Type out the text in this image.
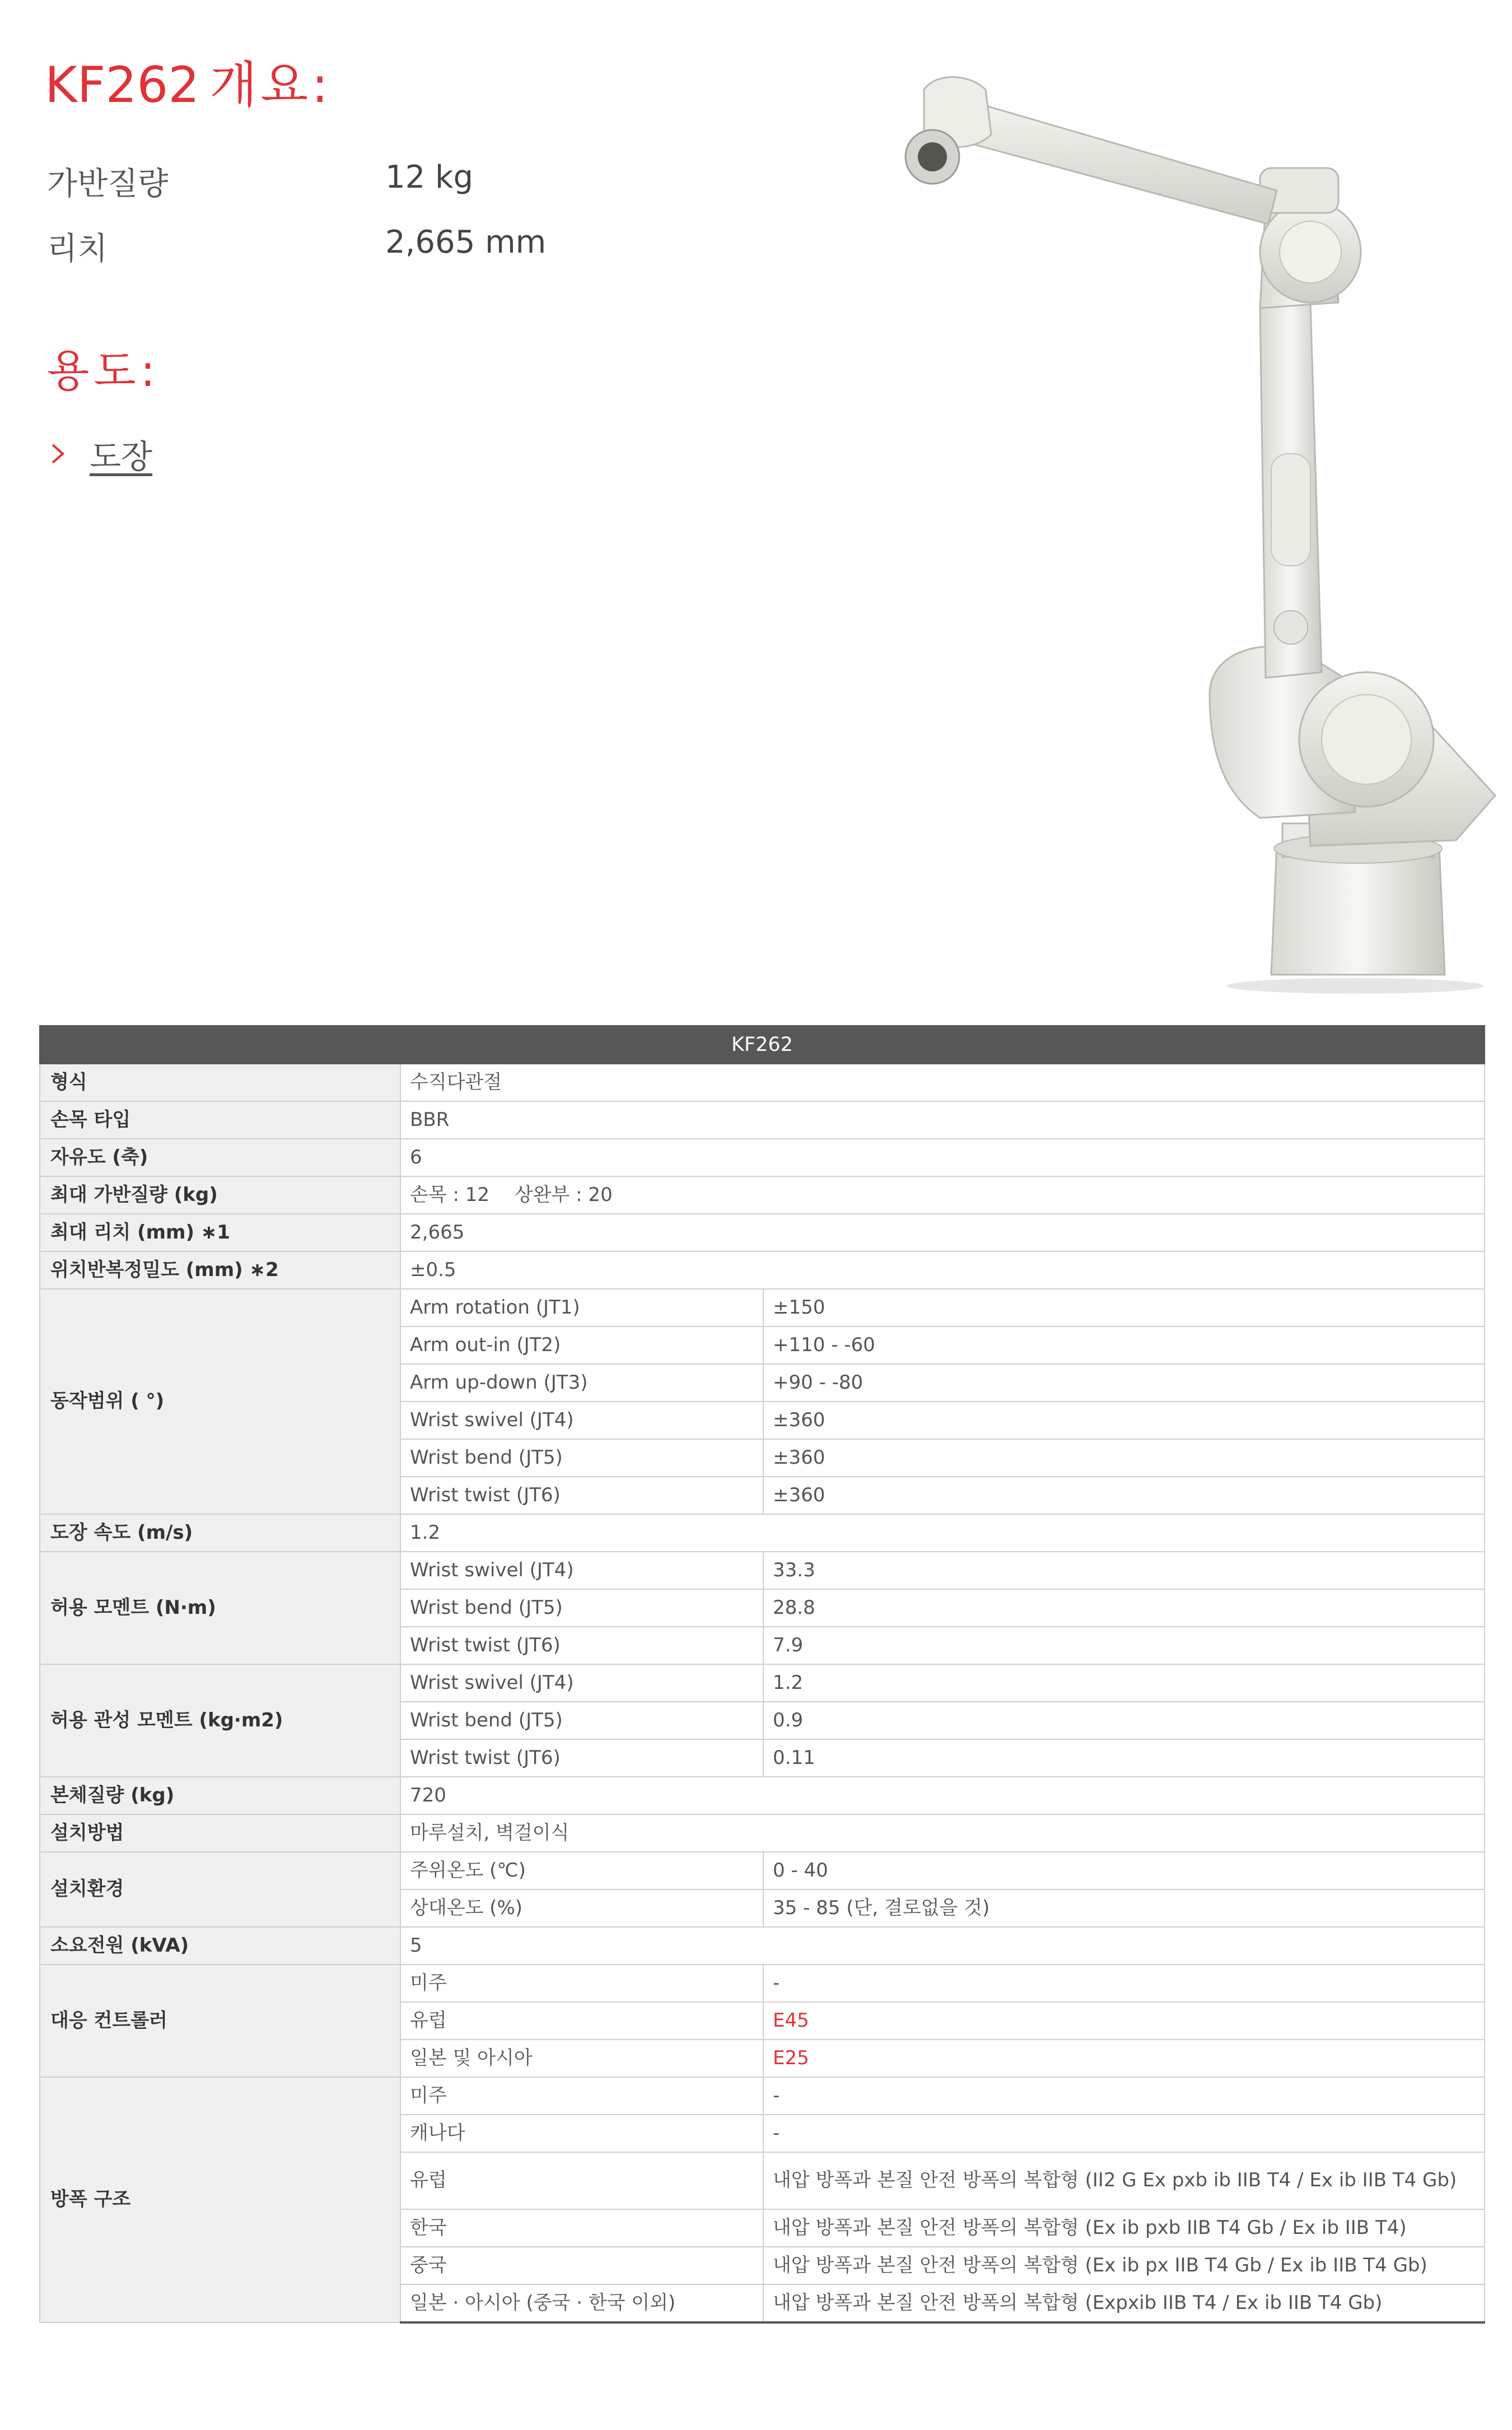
KF262 개요:
가반질량	12 kg
리치	2,665 mm
용도:
도장
KF262		
형식	수직다관절	
손목 타입	BBR	
자유도 (축)	6	
최대 가반질량 (kg)	손목 : 12　 상완부 : 20	
최대 리치 (mm) ∗1	2,665	
위치반복정밀도 (mm) ∗2	±0.5	
동작범위 ( °)	Arm rotation (JT1)	±150
	Arm out-in (JT2)	+110 - -60
	Arm up-down (JT3)	+90 - -80
	Wrist swivel (JT4)	±360
	Wrist bend (JT5)	±360
	Wrist twist (JT6)	±360
도장 속도 (m/s)	1.2	
허용 모멘트 (N·m)	Wrist swivel (JT4)	33.3
	Wrist bend (JT5)	28.8
	Wrist twist (JT6)	7.9
허용 관성 모멘트 (kg·m2)	Wrist swivel (JT4)	1.2
	Wrist bend (JT5)	0.9
	Wrist twist (JT6)	0.11
본체질량 (kg)	720	
설치방법	마루설치, 벽걸이식	
설치환경	주위온도 (℃)	0 - 40
	상대온도 (%)	35 - 85 (단, 결로없을 것)
소요전원 (kVA)	5	
대응 컨트롤러	미주	-
	유럽	E45
	일본 및 아시아	E25
방폭 구조	미주	-
	캐나다	-
	유럽	내압 방폭과 본질 안전 방폭의 복합형 (II2 G Ex pxb ib IIB T4 / Ex ib IIB T4 Gb)
	한국	내압 방폭과 본질 안전 방폭의 복합형 (Ex ib pxb IIB T4 Gb / Ex ib IIB T4)
	중국	내압 방폭과 본질 안전 방폭의 복합형 (Ex ib px IIB T4 Gb / Ex ib IIB T4 Gb)
	일본 · 아시아 (중국 · 한국 이외)	내압 방폭과 본질 안전 방폭의 복합형 (Expxib IIB T4 / Ex ib IIB T4 Gb)
